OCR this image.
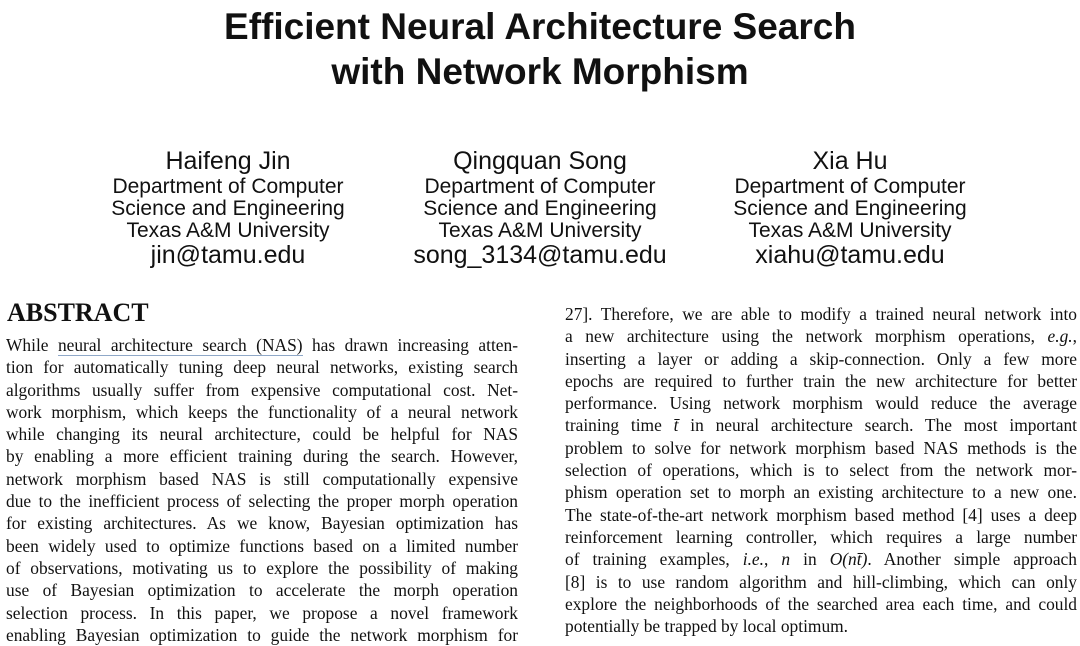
Efficient Neural Architecture Search
with Network Morphism
Haifeng Jin
Department of Computer
Science and Engineering
Texas A&M University
jin@tamu.edu
Qingquan Song
Department of Computer
Science and Engineering
Texas A&M University
song_3134@tamu.edu
Xia Hu
Department of Computer
Science and Engineering
Texas A&M University
xiahu@tamu.edu
ABSTRACT
While neural architecture search (NAS) has drawn increasing atten-
tion for automatically tuning deep neural networks, existing search
algorithms usually suffer from expensive computational cost. Net-
work morphism, which keeps the functionality of a neural network
while changing its neural architecture, could be helpful for NAS
by enabling a more efficient training during the search. However,
network morphism based NAS is still computationally expensive
due to the inefficient process of selecting the proper morph operation
for existing architectures. As we know, Bayesian optimization has
been widely used to optimize functions based on a limited number
of observations, motivating us to explore the possibility of making
use of Bayesian optimization to accelerate the morph operation
selection process. In this paper, we propose a novel framework
enabling Bayesian optimization to guide the network morphism for
27]. Therefore, we are able to modify a trained neural network into
a new architecture using the network morphism operations, e.g.,
inserting a layer or adding a skip-connection. Only a few more
epochs are required to further train the new architecture for better
performance. Using network morphism would reduce the average
training time t̄ in neural architecture search. The most important
problem to solve for network morphism based NAS methods is the
selection of operations, which is to select from the network mor-
phism operation set to morph an existing architecture to a new one.
The state-of-the-art network morphism based method [4] uses a deep
reinforcement learning controller, which requires a large number
of training examples, i.e., n in O(nt̄). Another simple approach
[8] is to use random algorithm and hill-climbing, which can only
explore the neighborhoods of the searched area each time, and could
potentially be trapped by local optimum.
